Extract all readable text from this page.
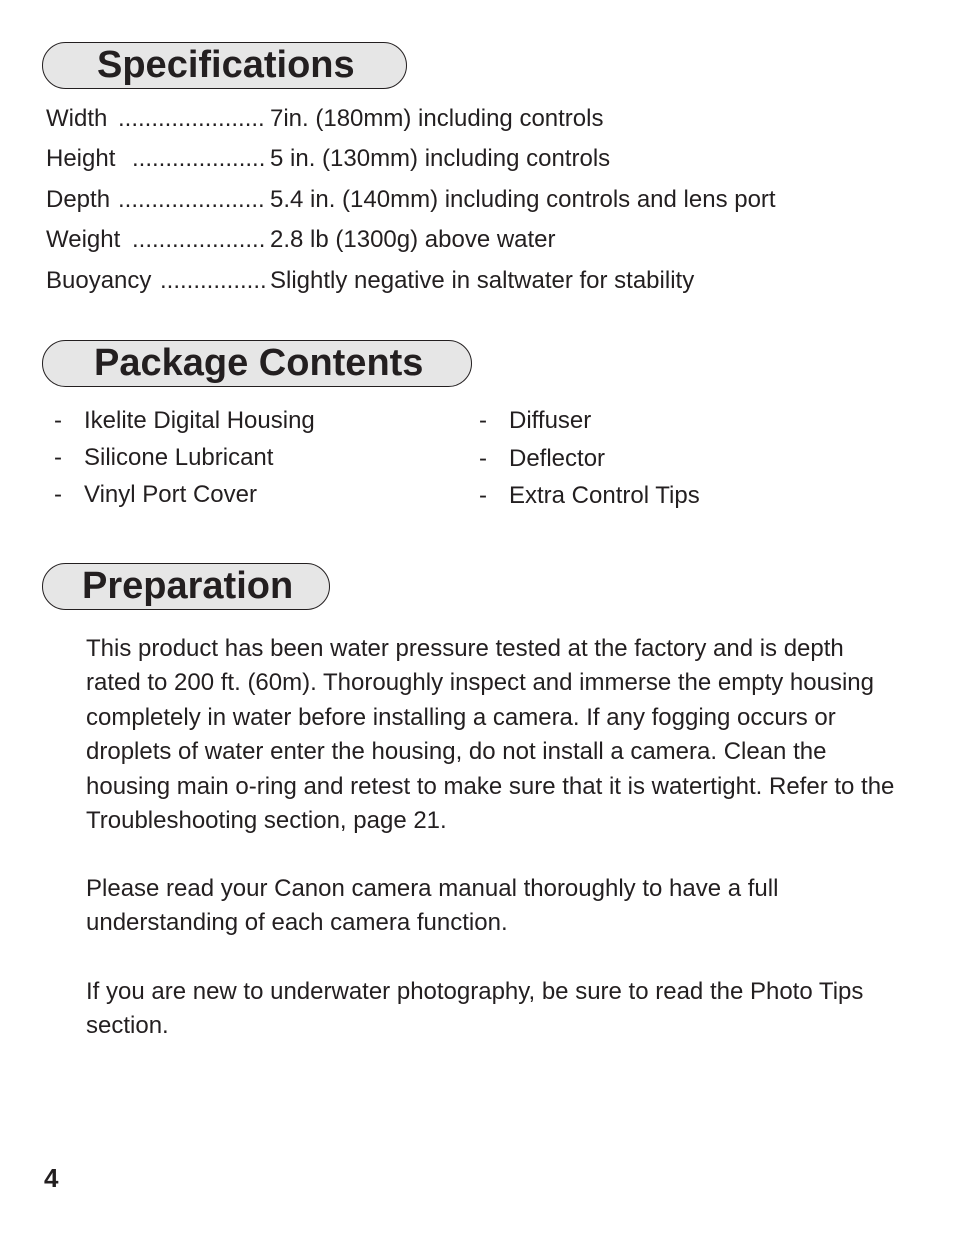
Specifications
Width ...................... 7in. (180mm) including controls
Height .................... 5 in. (130mm) including controls
Depth ...................... 5.4 in. (140mm) including controls and lens port
Weight .................... 2.8 lb (1300g) above water
Buoyancy ................ Slightly negative in saltwater for stability
Package Contents
- Ikelite Digital Housing
- Silicone Lubricant
- Vinyl Port Cover
- Diffuser
- Deflector
- Extra Control Tips
Preparation

This product has been water pressure tested at the factory and is depth rated to 200 ft. (60m). Thoroughly inspect and immerse the empty housing completely in water before installing a camera. If any fogging occurs or droplets of water enter the housing, do not install a camera. Clean the housing main o-ring and retest to make sure that it is watertight. Refer to the Troubleshooting section, page 21.

Please read your Canon camera manual thoroughly to have a full understanding of each camera function.

If you are new to underwater photography, be sure to read the Photo Tips section.

4
